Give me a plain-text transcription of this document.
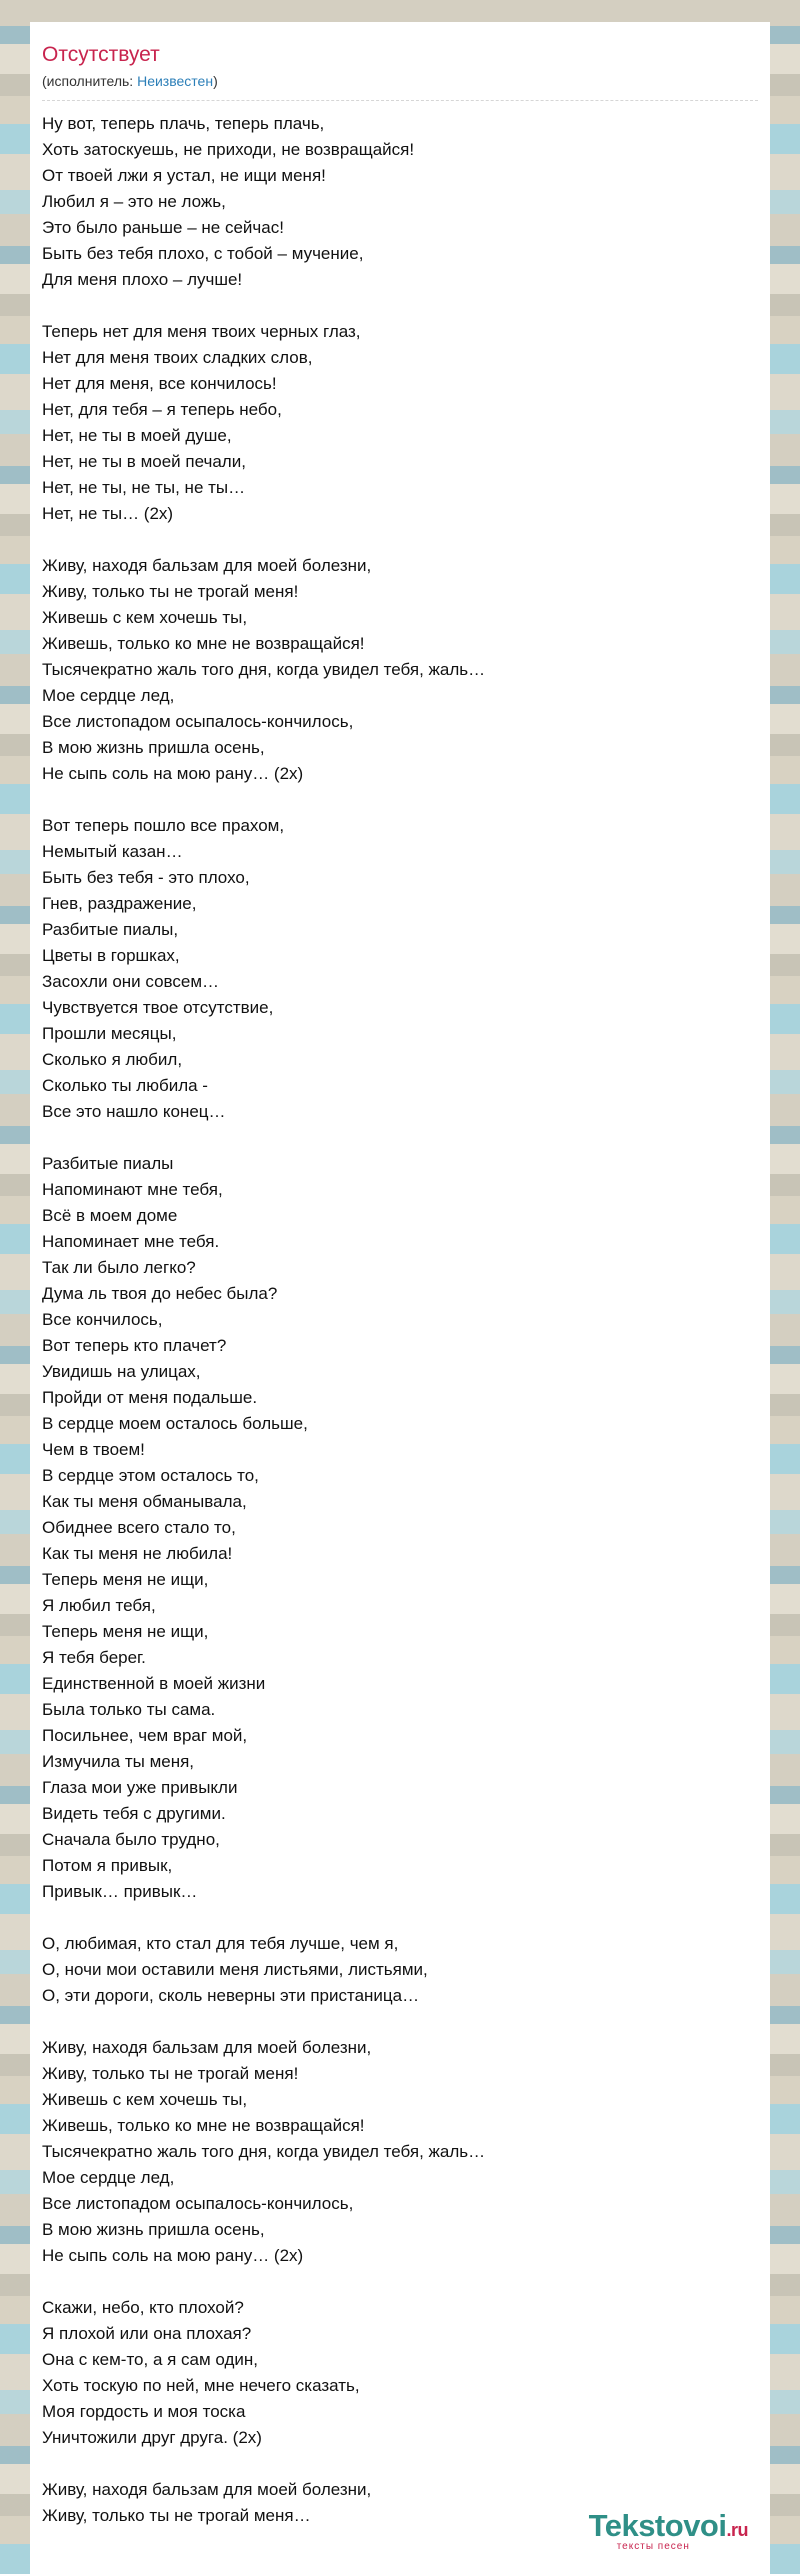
Отсутствует
(исполнитель: Неизвестен)
Ну вот, теперь плачь, теперь плачь,
Хоть затоскуешь, не приходи, не возвращайся!
От твоей лжи я устал, не ищи меня!
Любил я – это не ложь,
Это было раньше – не сейчас!
Быть без тебя плохо, с тобой – мучение,
Для меня плохо – лучше!
Теперь нет для меня твоих черных глаз,
Нет для меня твоих сладких слов,
Нет для меня, все кончилось!
Нет, для тебя – я теперь небо,
Нет, не ты в моей душе,
Нет, не ты в моей печали,
Нет, не ты, не ты, не ты…
Нет, не ты… (2x)
Живу, находя бальзам для моей болезни,
Живу, только ты не трогай меня!
Живешь с кем хочешь ты,
Живешь, только ко мне не возвращайся!
Тысячекратно жаль того дня, когда увидел тебя, жаль…
Мое сердце лед,
Все листопадом осыпалось-кончилось,
В мою жизнь пришла осень,
Не сыпь соль на мою рану… (2x)
Вот теперь пошло все прахом,
Немытый казан…
Быть без тебя - это плохо,
Гнев, раздражение,
Разбитые пиалы,
Цветы в горшках,
Засохли они совсем…
Чувствуется твое отсутствие,
Прошли месяцы,
Сколько я любил,
Сколько ты любила -
Все это нашло конец…
Разбитые пиалы
Напоминают мне тебя,
Всё в моем доме
Напоминает мне тебя.
Так ли было легко?
Дума ль твоя до небес была?
Все кончилось,
Вот теперь кто плачет?
Увидишь на улицах,
Пройди от меня подальше.
В сердце моем осталось больше,
Чем в твоем!
В сердце этом осталось то,
Как ты меня обманывала,
Обиднее всего стало то,
Как ты меня не любила!
Теперь меня не ищи,
Я любил тебя,
Теперь меня не ищи,
Я тебя берег.
Единственной в моей жизни
Была только ты сама.
Посильнее, чем враг мой,
Измучила ты меня,
Глаза мои уже привыкли
Видеть тебя с другими.
Сначала было трудно,
Потом я привык,
Привык… привык…
О, любимая, кто стал для тебя лучше, чем я,
О, ночи мои оставили меня листьями, листьями,
О, эти дороги, сколь неверны эти пристаница…
Живу, находя бальзам для моей болезни,
Живу, только ты не трогай меня!
Живешь с кем хочешь ты,
Живешь, только ко мне не возвращайся!
Тысячекратно жаль того дня, когда увидел тебя, жаль…
Мое сердце лед,
Все листопадом осыпалось-кончилось,
В мою жизнь пришла осень,
Не сыпь соль на мою рану… (2x)
Скажи, небо, кто плохой?
Я плохой или она плохая?
Она с кем-то, а я сам один,
Хоть тоскую по ней, мне нечего сказать,
Моя гордость и моя тоска
Уничтожили друг друга. (2x)
Живу, находя бальзам для моей болезни,
Живу, только ты не трогай меня…	Tekstovoi.ru
тексты песен
